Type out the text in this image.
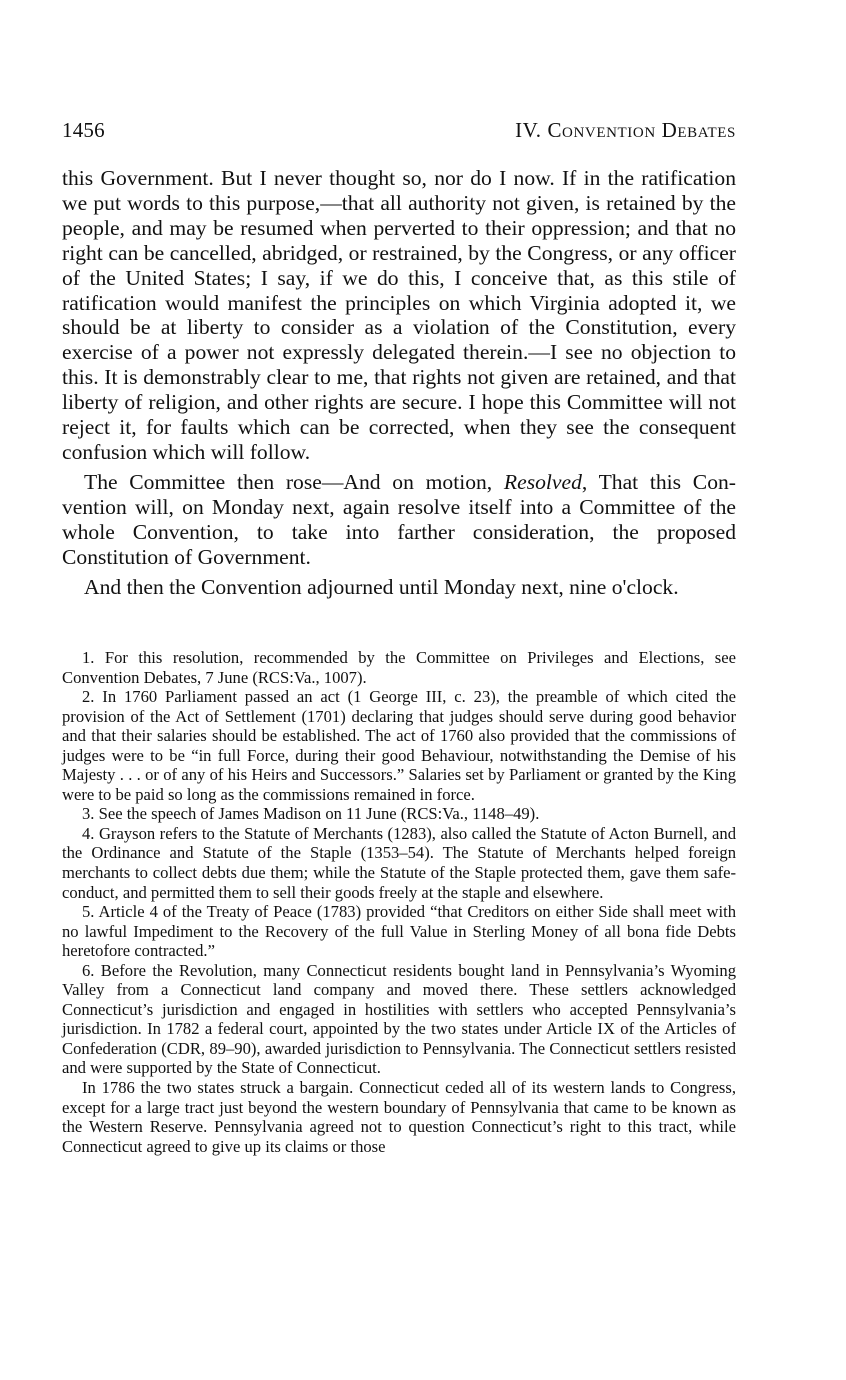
1456	IV. Convention Debates

this Government. But I never thought so, nor do I now. If in the ratification we put words to this purpose,—that all authority not given, is retained by the people, and may be resumed when perverted to their oppression; and that no right can be cancelled, abridged, or restrained, by the Congress, or any officer of the United States; I say, if we do this, I conceive that, as this stile of ratification would manifest the principles on which Virginia adopted it, we should be at liberty to consider as a violation of the Constitution, every exercise of a power not expressly delegated therein.—I see no objection to this. It is demonstrably clear to me, that rights not given are retained, and that liberty of religion, and other rights are secure. I hope this Committee will not reject it, for faults which can be corrected, when they see the consequent confusion which will follow.

The Committee then rose—And on motion, Resolved, That this Convention will, on Monday next, again resolve itself into a Committee of the whole Convention, to take into farther consideration, the proposed Constitution of Government.

And then the Convention adjourned until Monday next, nine o'clock.

1. For this resolution, recommended by the Committee on Privileges and Elections, see Convention Debates, 7 June (RCS:Va., 1007).

2. In 1760 Parliament passed an act (1 George III, c. 23), the preamble of which cited the provision of the Act of Settlement (1701) declaring that judges should serve during good behavior and that their salaries should be established. The act of 1760 also provided that the commissions of judges were to be “in full Force, during their good Behaviour, notwithstanding the Demise of his Majesty . . . or of any of his Heirs and Successors.” Salaries set by Parliament or granted by the King were to be paid so long as the commissions remained in force.

3. See the speech of James Madison on 11 June (RCS:Va., 1148–49).

4. Grayson refers to the Statute of Merchants (1283), also called the Statute of Acton Burnell, and the Ordinance and Statute of the Staple (1353–54). The Statute of Merchants helped foreign merchants to collect debts due them; while the Statute of the Staple protected them, gave them safe-conduct, and permitted them to sell their goods freely at the staple and elsewhere.

5. Article 4 of the Treaty of Peace (1783) provided “that Creditors on either Side shall meet with no lawful Impediment to the Recovery of the full Value in Sterling Money of all bona fide Debts heretofore contracted.”

6. Before the Revolution, many Connecticut residents bought land in Pennsylvania’s Wyoming Valley from a Connecticut land company and moved there. These settlers acknowledged Connecticut’s jurisdiction and engaged in hostilities with settlers who accepted Pennsylvania’s jurisdiction. In 1782 a federal court, appointed by the two states under Article IX of the Articles of Confederation (CDR, 89–90), awarded jurisdiction to Pennsylvania. The Connecticut settlers resisted and were supported by the State of Connecticut.

In 1786 the two states struck a bargain. Connecticut ceded all of its western lands to Congress, except for a large tract just beyond the western boundary of Pennsylvania that came to be known as the Western Reserve. Pennsylvania agreed not to question Connecticut’s right to this tract, while Connecticut agreed to give up its claims or those
